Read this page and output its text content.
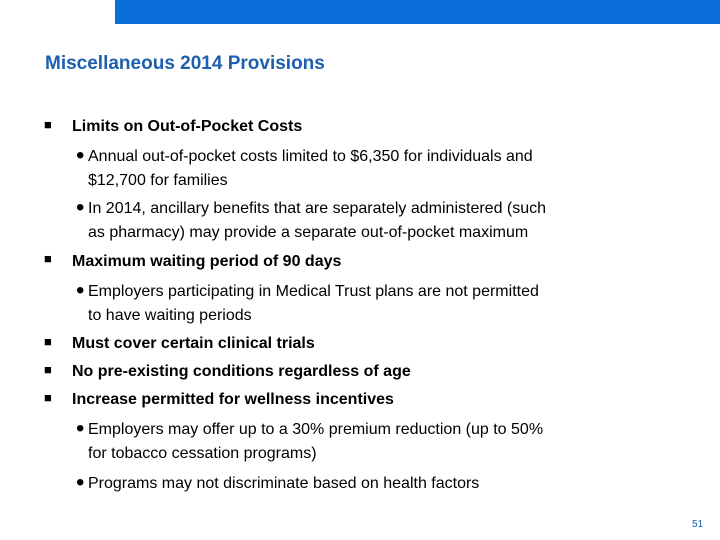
Miscellaneous 2014 Provisions
■ Limits on Out-of-Pocket Costs
• Annual out-of-pocket costs limited to $6,350 for individuals and
$12,700 for families
• In 2014, ancillary benefits that are separately administered (such
as pharmacy) may provide a separate out-of-pocket maximum
■ Maximum waiting period of 90 days
• Employers participating in Medical Trust plans are not permitted
to have waiting periods
■ Must cover certain clinical trials
■ No pre-existing conditions regardless of age
■ Increase permitted for wellness incentives
• Employers may offer up to a 30% premium reduction (up to 50%
for tobacco cessation programs)
• Programs may not discriminate based on health factors
51
